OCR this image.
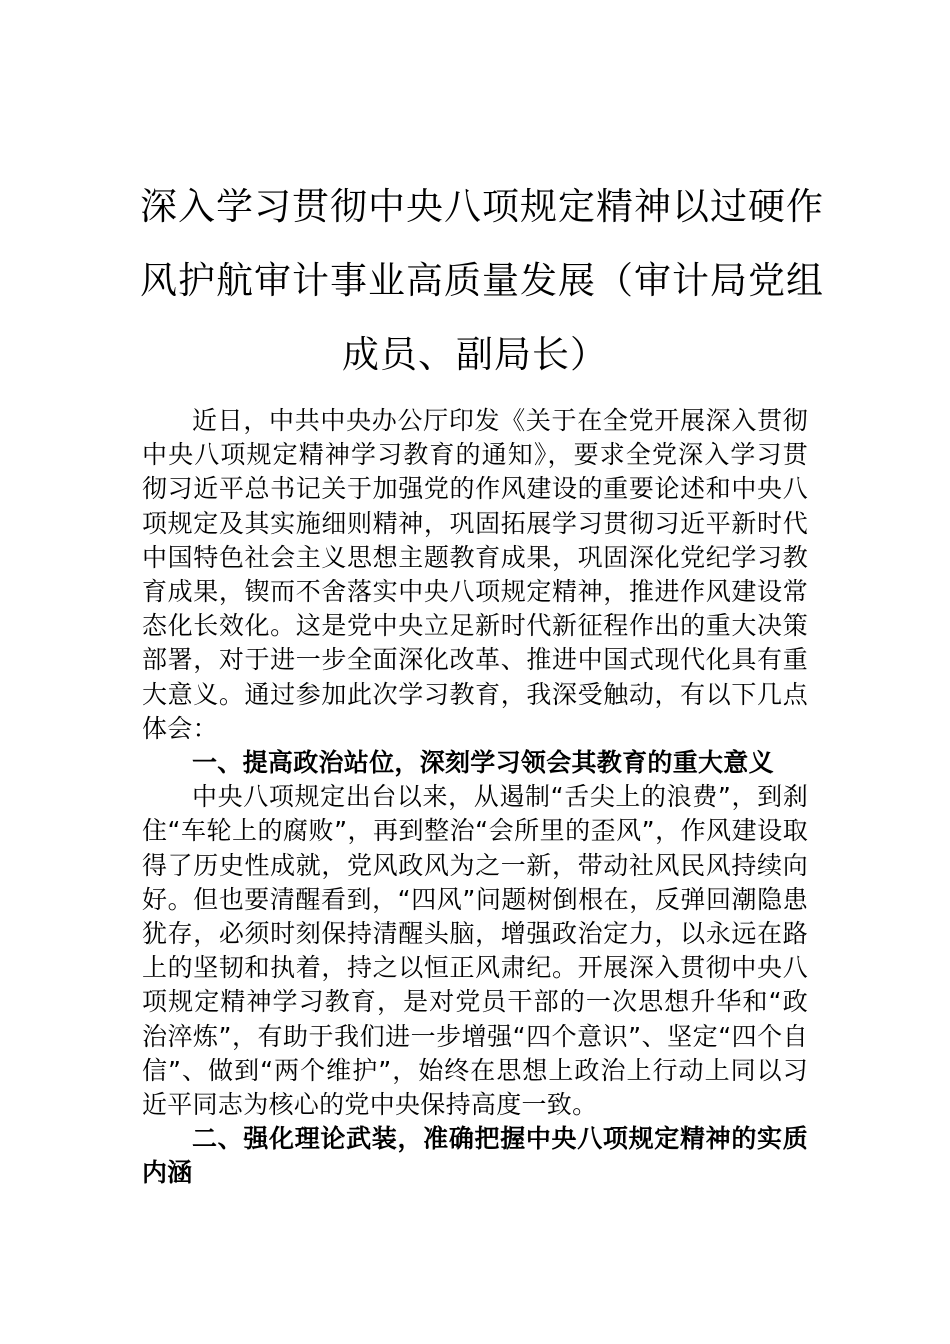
深入学习贯彻中央八项规定精神以过硬作
风护航审计事业高质量发展（审计局党组
成员、副局长）

近日，中共中央办公厅印发《关于在全党开展深入贯彻中央八项规定精神学习教育的通知》，要求全党深入学习贯彻习近平总书记关于加强党的作风建设的重要论述和中央八项规定及其实施细则精神，巩固拓展学习贯彻习近平新时代中国特色社会主义思想主题教育成果，巩固深化党纪学习教育成果，锲而不舍落实中央八项规定精神，推进作风建设常态化长效化。这是党中央立足新时代新征程作出的重大决策部署，对于进一步全面深化改革、推进中国式现代化具有重大意义。通过参加此次学习教育，我深受触动，有以下几点体会：

一、提高政治站位，深刻学习领会其教育的重大意义

中央八项规定出台以来，从遏制“舌尖上的浪费”，到刹住“车轮上的腐败”，再到整治“会所里的歪风”，作风建设取得了历史性成就，党风政风为之一新，带动社风民风持续向好。但也要清醒看到，“四风”问题树倒根在，反弹回潮隐患犹存，必须时刻保持清醒头脑，增强政治定力，以永远在路上的坚韧和执着，持之以恒正风肃纪。开展深入贯彻中央八项规定精神学习教育，是对党员干部的一次思想升华和“政治淬炼”，有助于我们进一步增强“四个意识”、坚定“四个自信”、做到“两个维护”，始终在思想上政治上行动上同以习近平同志为核心的党中央保持高度一致。

二、强化理论武装，准确把握中央八项规定精神的实质内涵
